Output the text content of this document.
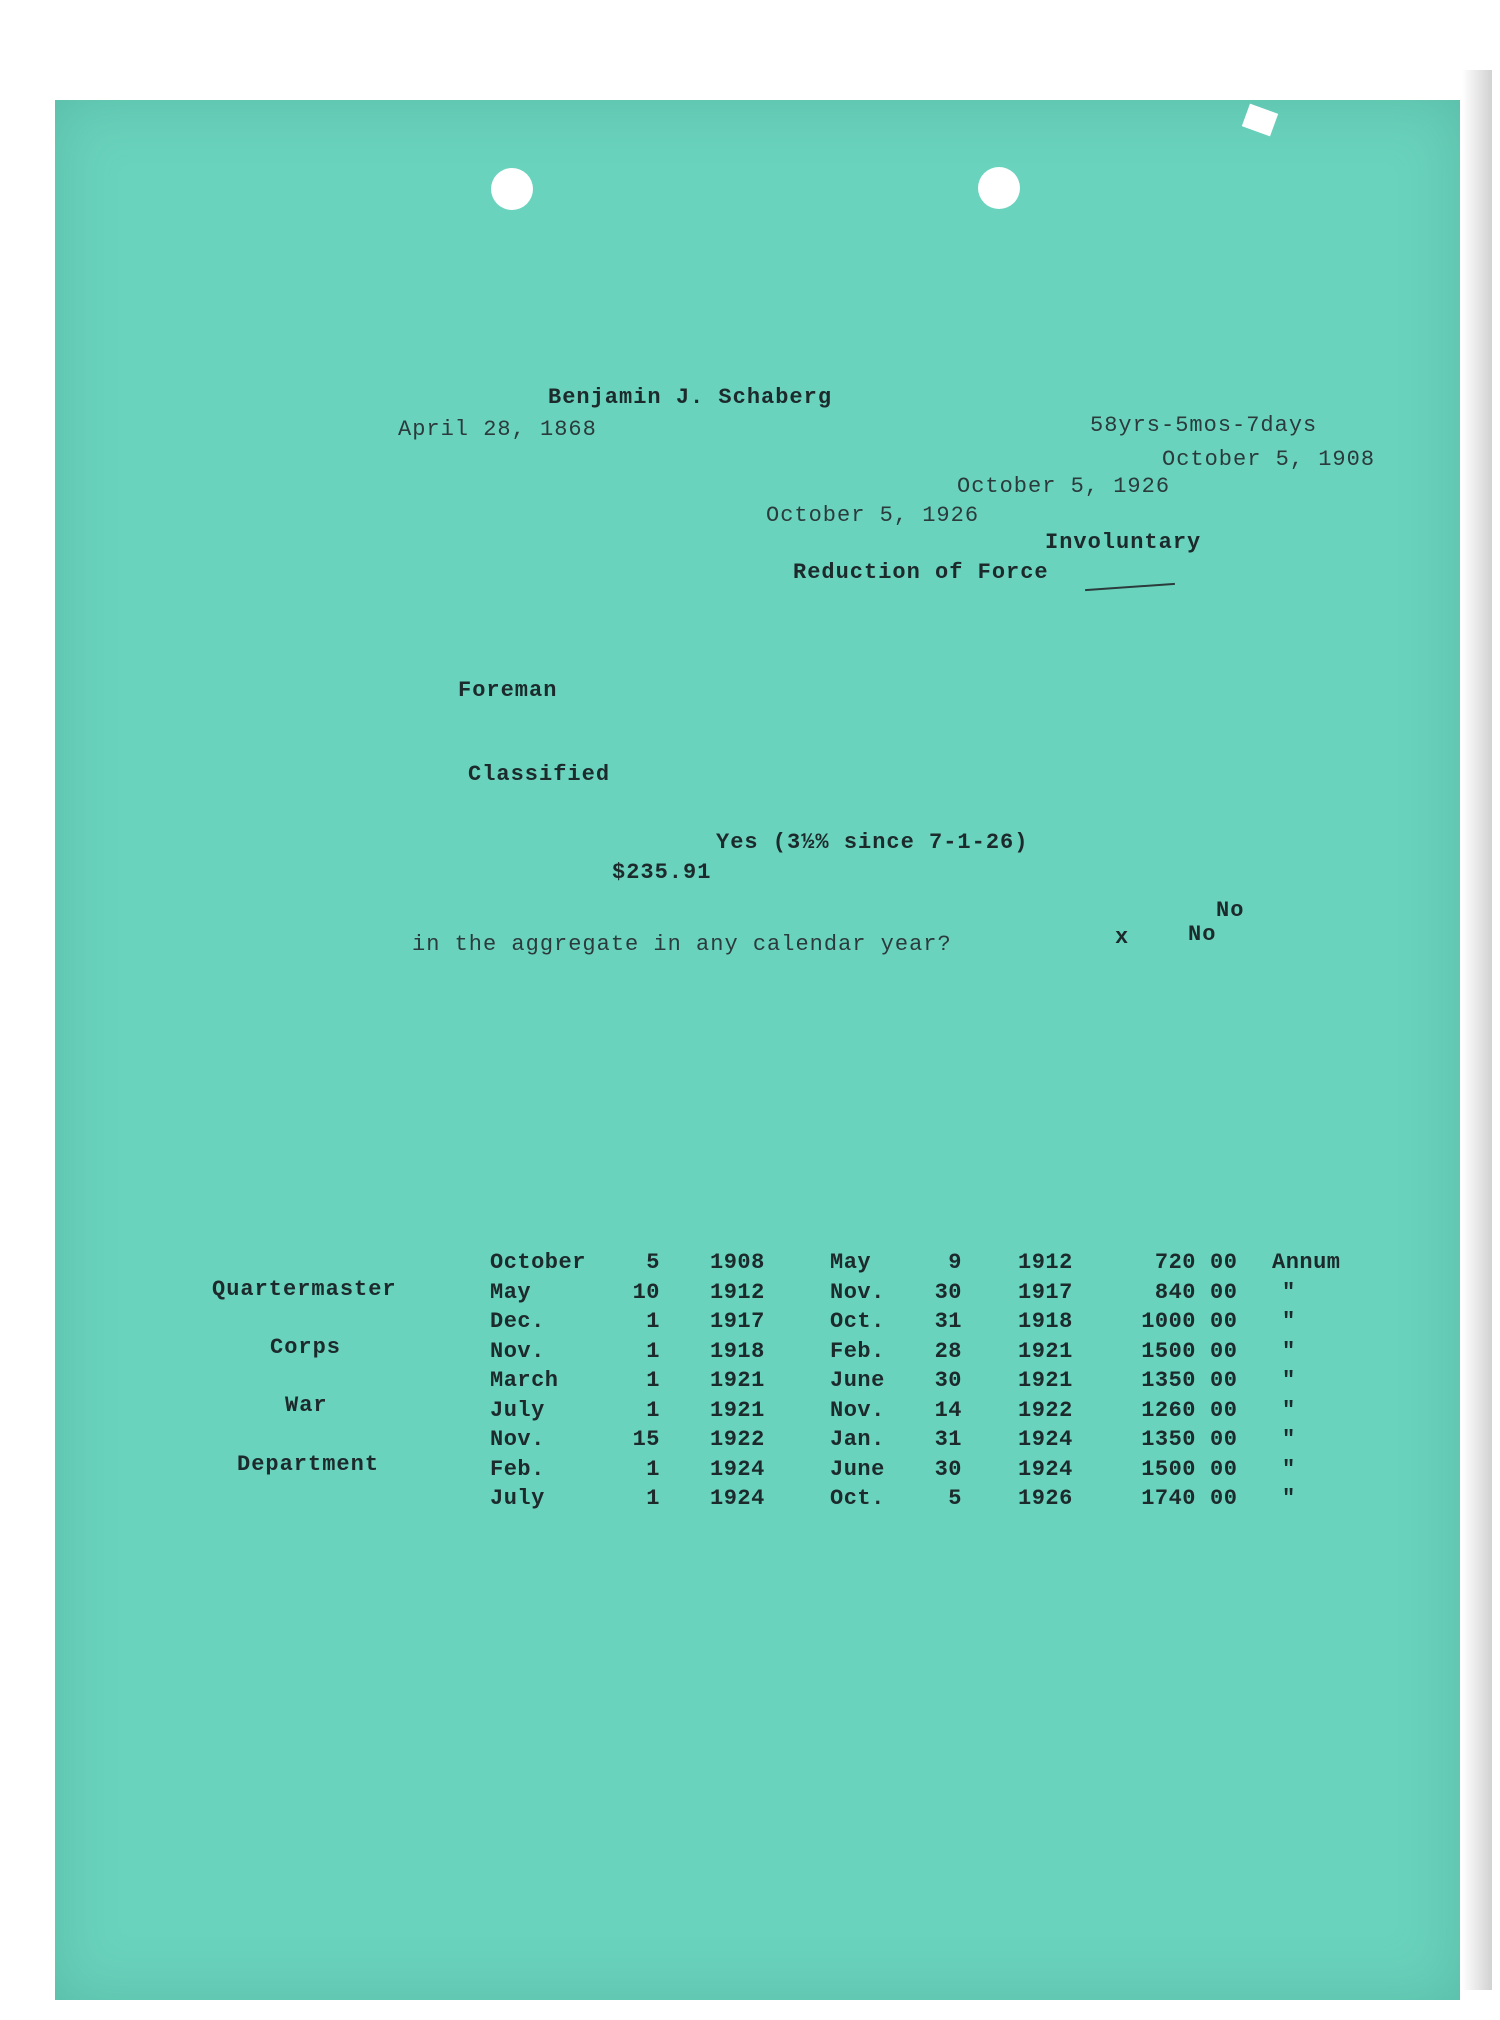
Benjamin J. Schaberg
April 28, 1868	58yrs-5mos-7days
October 5, 1908
October 5, 1926
October 5, 1926
Involuntary
Reduction of Force
Foreman
Classified
Yes (3½% since 7-1-26)
$235.91
in the aggregate in any calendar year?	x
No
No
Quartermaster
Corps
War
Department
October	5 1908	May	9	1912	720 00	Annum
May	10 1912	Nov.	30	1917	840 00	"
Dec.	1 1917	Oct.	31	1918	1000 00	"
Nov.	1 1918	Feb.	28	1921	1500 00	"
March	1 1921	June	30	1921	1350 00	"
July	1 1921	Nov.	14	1922	1260 00	"
Nov.	15 1922	Jan.	31	1924	1350 00	"
Feb.	1 1924	June	30	1924	1500 00	"
July	1 1924	Oct.	5	1926	1740 00	"
